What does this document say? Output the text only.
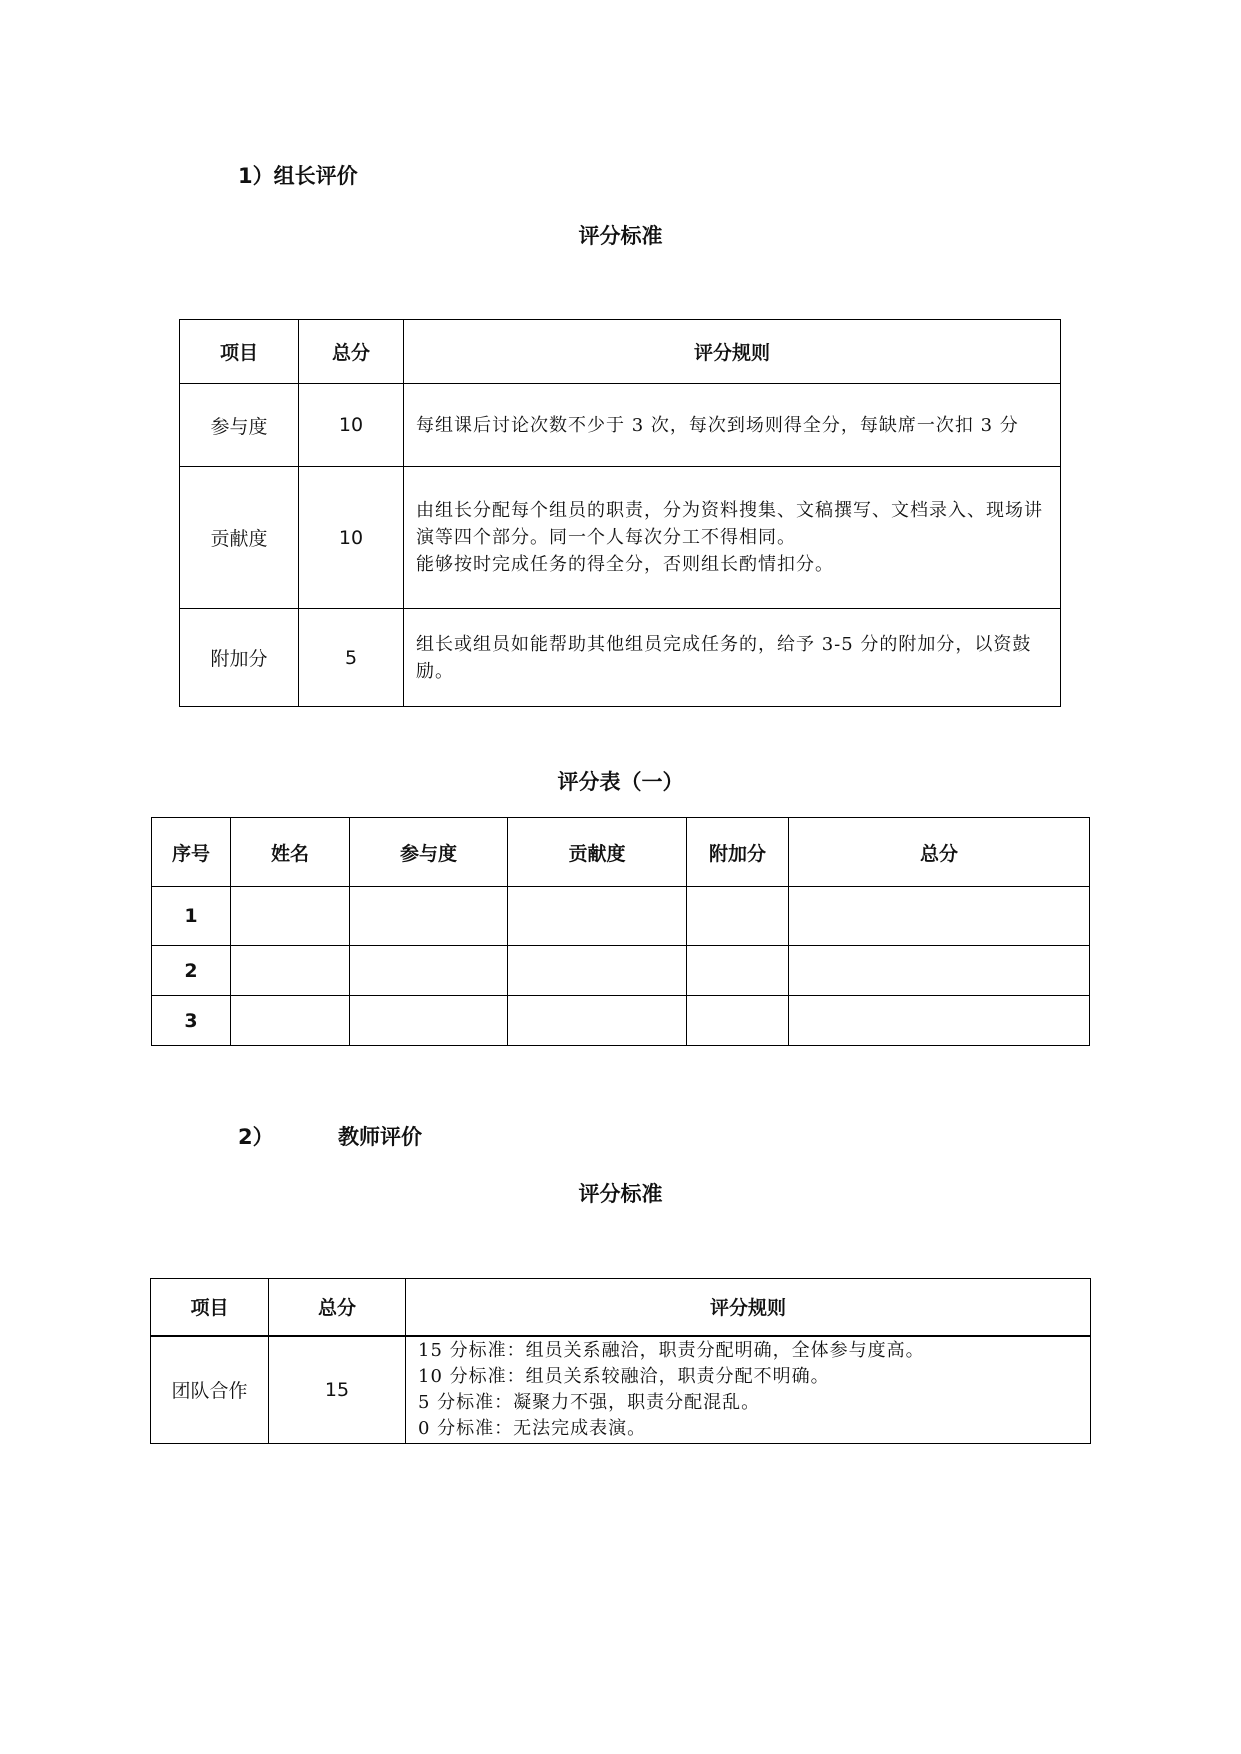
1）组长评价
评分标准
项目	总分	评分规则
参与度	10	每组课后讨论次数不少于 3 次，每次到场则得全分，每缺席一次扣 3 分

贡献度	10	由组长分配每个组员的职责，分为资料搜集、文稿撰写、文档录入、现场讲演等四个部分。同一个人每次分工不得相同。
能够按时完成任务的得全分，否则组长酌情扣分。

附加分	5	组长或组员如能帮助其他组员完成任务的，给予 3-5 分的附加分，以资鼓励。
评分表（一）
序号	姓名	参与度	贡献度	附加分	总分
1					
2					
3					
2）	教师评价
评分标准
项目	总分	评分规则
团队合作	15	15 分标准：组员关系融洽，职责分配明确，全体参与度高。
10 分标准：组员关系较融洽，职责分配不明确。
5 分标准：凝聚力不强，职责分配混乱。
0 分标准：无法完成表演。
